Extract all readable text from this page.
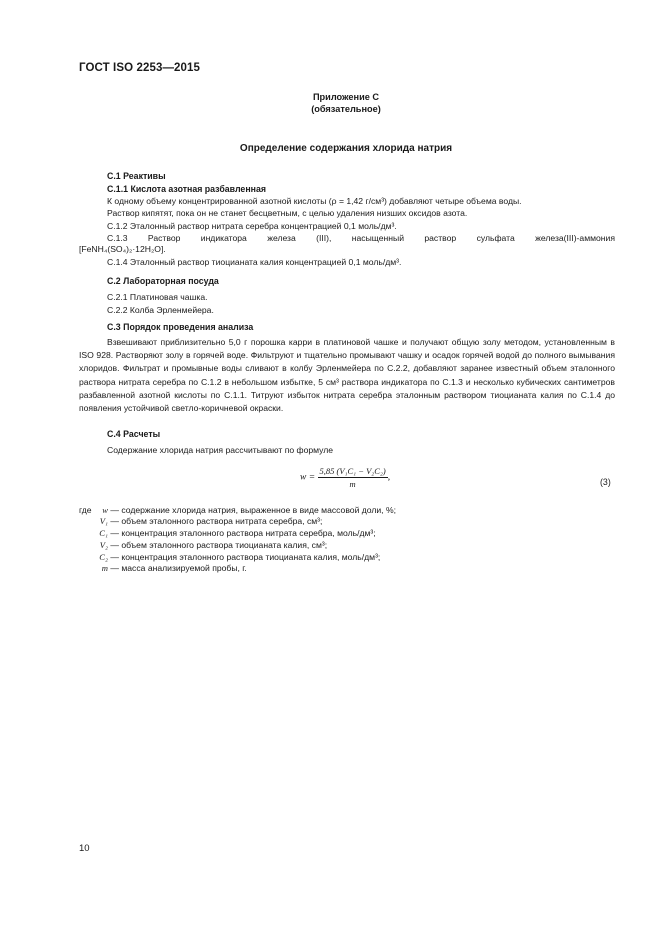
ГОСТ ISO 2253—2015
Приложение С
(обязательное)
Определение содержания хлорида натрия
С.1 Реактивы
С.1.1 Кислота азотная разбавленная
К одному объему концентрированной азотной кислоты (ρ = 1,42 г/см³) добавляют четыре объема воды.
Раствор кипятят, пока он не станет бесцветным, с целью удаления низших оксидов азота.
С.1.2 Эталонный раствор нитрата серебра концентрацией 0,1 моль/дм³.
С.1.3 Раствор индикатора железа (III), насыщенный раствор сульфата железа(III)-аммония
[FeNH₄(SO₄)₂·12H₂O].
С.1.4 Эталонный раствор тиоцианата калия концентрацией 0,1 моль/дм³.
С.2 Лабораторная посуда
С.2.1 Платиновая чашка.
С.2.2 Колба Эрленмейера.
С.3 Порядок проведения анализа
Взвешивают приблизительно 5,0 г порошка карри в платиновой чашке и получают общую золу методом, установленным в ISO 928. Растворяют золу в горячей воде. Фильтруют и тщательно промывают чашку и осадок горячей водой до полного вымывания хлоридов. Фильтрат и промывные воды сливают в колбу Эрленмейера по С.2.2, добавляют заранее известный объем эталонного раствора нитрата серебра по С.1.2 в небольшом избытке, 5 см³ раствора индикатора по С.1.3 и несколько кубических сантиметров разбавленной азотной кислоты по С.1.1. Титруют избыток нитрата серебра эталонным раствором тиоцианата калия по С.1.4 до появления устойчивой светло-коричневой окраски.
С.4 Расчеты
Содержание хлорида натрия рассчитывают по формуле
$w = \frac{\text{5,85 (V₁C₁ − V₂C₂)}}{m}$ ,	(3)
где w — содержание хлорида натрия, выраженное в виде массовой доли, %;
V₁ — объем эталонного раствора нитрата серебра, см³;
C₁ — концентрация эталонного раствора нитрата серебра, моль/дм³;
V₂ — объем эталонного раствора тиоцианата калия, см³;
C₂ — концентрация эталонного раствора тиоцианата калия, моль/дм³;
m — масса анализируемой пробы, г.
10
